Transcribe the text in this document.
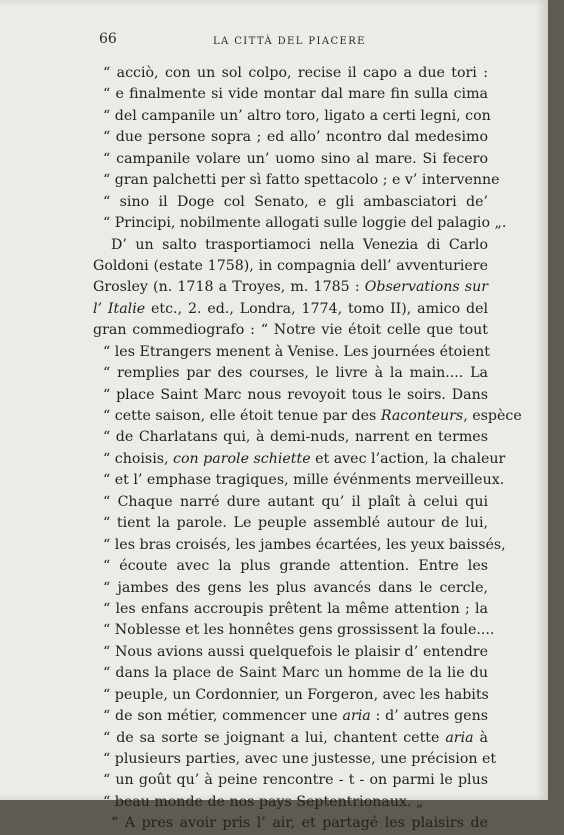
66	LA CITTÀ DEL PIACERE
“ acciò, con un sol colpo, recise il capo a due tori :
“ e finalmente si vide montar dal mare fin sulla cima
“ del campanile un’ altro toro, ligato a certi legni, con
“ due persone sopra ; ed allo’ ncontro dal medesimo
“ campanile volare un’ uomo sino al mare. Si fecero
“ gran palchetti per sì fatto spettacolo ; e v’ intervenne
“ sino il Doge col Senato, e gli ambasciatori de’
“ Principi, nobilmente allogati sulle loggie del palagio „.
D’ un salto trasportiamoci nella Venezia di Carlo
Goldoni (estate 1758), in compagnia dell’ avventuriere
Grosley (n. 1718 a Troyes, m. 1785 : Observations sur
l’ Italie etc., 2. ed., Londra, 1774, tomo II), amico del
gran commediografo : “ Notre vie étoit celle que tout
“ les Etrangers menent à Venise. Les journées étoient
“ remplies par des courses, le livre à la main.... La
“ place Saint Marc nous revoyoit tous le soirs. Dans
“ cette saison, elle étoit tenue par des Raconteurs, espèce
“ de Charlatans qui, à demi-nuds, narrent en termes
“ choisis, con parole schiette et avec l’action, la chaleur
“ et l’ emphase tragiques, mille événments merveilleux.
“ Chaque narré dure autant qu’ il plaît à celui qui
“ tient la parole. Le peuple assemblé autour de lui,
“ les bras croisés, les jambes écartées, les yeux baissés,
“ écoute avec la plus grande attention. Entre les
“ jambes des gens les plus avancés dans le cercle,
“ les enfans accroupis prêtent la même attention ; la
“ Noblesse et les honnêtes gens grossissent la foule....
“ Nous avions aussi quelquefois le plaisir d’ entendre
“ dans la place de Saint Marc un homme de la lie du
“ peuple, un Cordonnier, un Forgeron, avec les habits
“ de son métier, commencer une aria : d’ autres gens
“ de sa sorte se joignant a lui, chantent cette aria à
“ plusieurs parties, avec une justesse, une précision et
“ un goût qu’ à peine rencontre - t - on parmi le plus
“ beau monde de nos pays Septentrionaux. „
“ A pres avoir pris l’ air, et partagé les plaisirs de
